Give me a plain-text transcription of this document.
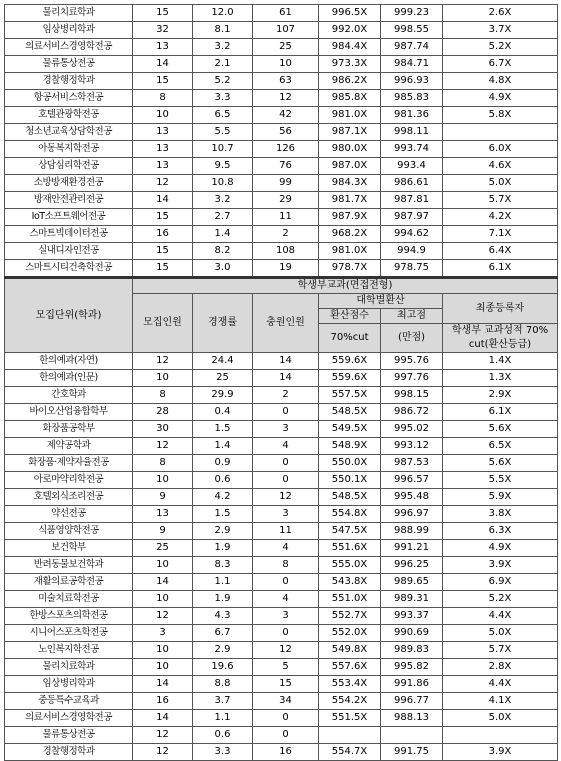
물리치료학과	15	12.0	61	996.5X	999.23	2.6X
임상병리학과	32	8.1	107	992.0X	998.55	3.7X
의료서비스경영학전공	13	3.2	25	984.4X	987.74	5.2X
물류통상전공	14	2.1	10	973.3X	984.71	6.7X
경찰행정학과	15	5.2	63	986.2X	996.93	4.8X
항공서비스학전공	8	3.3	12	985.8X	985.83	4.9X
호텔관광학전공	10	6.5	42	981.0X	981.36	5.8X
청소년교육상담학전공	13	5.5	56	987.1X	998.11	
아동복지학전공	13	10.7	126	980.0X	993.74	6.0X
상담심리학전공	13	9.5	76	987.0X	993.4	4.6X
소방방재환경전공	12	10.8	99	984.3X	986.61	5.0X
방재안전관리전공	14	3.2	29	981.7X	987.81	5.7X
IoT소프트웨어전공	15	2.7	11	987.9X	987.97	4.2X
스마트빅데이터전공	16	1.4	2	968.2X	994.62	7.1X
실내디자인전공	15	8.2	108	981.0X	994.9	6.4X
스마트시티건축학전공	15	3.0	19	978.7X	978.75	6.1X
모집단위(학과)	학생부교과(면접전형)					
	모집인원	경쟁률	충원인원	대학별환산		최종등록자
				환산점수	최고점	
				70%cut	(만점)	학생부 교과성적 70% cut(환산등급)
한의예과(자연)	12	24.4	14	559.6X	995.76	1.4X
한의예과(인문)	10	25	14	559.6X	997.76	1.3X
간호학과	8	29.9	2	557.5X	998.15	2.9X
바이오산업융합학부	28	0.4	0	548.5X	986.72	6.1X
화장품공학부	30	1.5	3	549.5X	995.02	5.6X
제약공학과	12	1.4	4	548.9X	993.12	6.5X
화장품·제약자율전공	8	0.9	0	550.0X	987.53	5.6X
아로마약리학전공	10	0.6	0	550.1X	996.57	5.5X
호텔외식조리전공	9	4.2	12	548.5X	995.48	5.9X
약선전공	13	1.5	3	554.8X	996.97	3.8X
식품영양학전공	9	2.9	11	547.5X	988.99	6.3X
보건학부	25	1.9	4	551.6X	991.21	4.9X
반려동물보건학과	10	8.3	8	555.0X	996.25	3.9X
재활의료공학전공	14	1.1	0	543.8X	989.65	6.9X
미술치료학전공	10	1.9	4	551.0X	989.31	5.2X
한방스포츠의학전공	12	4.3	3	552.7X	993.37	4.4X
시니어스포츠학전공	3	6.7	0	552.0X	990.69	5.0X
노인복지학전공	10	2.9	12	549.8X	989.83	5.7X
물리치료학과	10	19.6	5	557.6X	995.82	2.8X
임상병리학과	14	8.8	15	553.4X	991.86	4.4X
중등특수교육과	16	3.7	34	554.2X	996.77	4.1X
의료서비스경영학전공	14	1.1	0	551.5X	988.13	5.0X
물류통상전공	12	0.6	0			
경찰행정학과	12	3.3	16	554.7X	991.75	3.9X
